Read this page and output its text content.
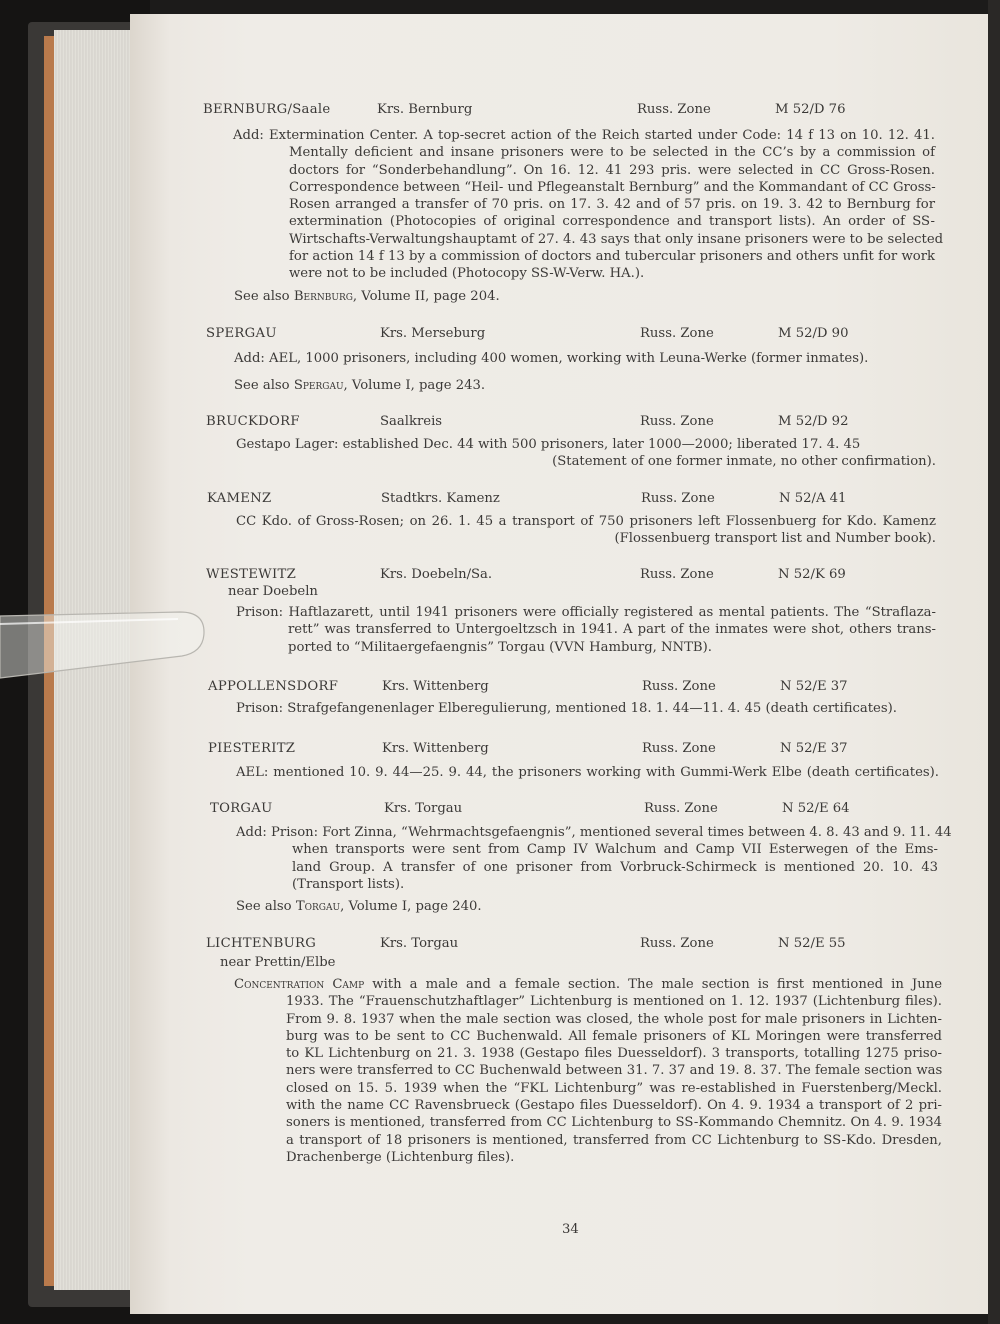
BERNBURG/Saale	Krs. Bernburg	Russ. Zone	M 52/D 76
Add: Extermination Center. A top-secret action of the Reich started under Code: 14 f 13 on 10. 12. 41.
Mentally deficient and insane prisoners were to be selected in the CC’s by a commission of
doctors for “Sonderbehandlung”. On 16. 12. 41 293 pris. were selected in CC Gross-Rosen.
Correspondence between “Heil- und Pflegeanstalt Bernburg” and the Kommandant of CC Gross-
Rosen arranged a transfer of 70 pris. on 17. 3. 42 and of 57 pris. on 19. 3. 42 to Bernburg for
extermination (Photocopies of original correspondence and transport lists). An order of SS-
Wirtschafts-Verwaltungshauptamt of 27. 4. 43 says that only insane prisoners were to be selected
for action 14 f 13 by a commission of doctors and tubercular prisoners and others unfit for work
were not to be included (Photocopy SS-W-Verw. HA.).
See also Bernburg, Volume II, page 204.
SPERGAU	Krs. Merseburg	Russ. Zone	M 52/D 90
Add: AEL, 1000 prisoners, including 400 women, working with Leuna-Werke (former inmates).
See also Spergau, Volume I, page 243.
BRUCKDORF	Saalkreis	Russ. Zone	M 52/D 92
Gestapo Lager: established Dec. 44 with 500 prisoners, later 1000—2000; liberated 17. 4. 45
(Statement of one former inmate, no other confirmation).
KAMENZ	Stadtkrs. Kamenz	Russ. Zone	N 52/A 41
CC Kdo. of Gross-Rosen; on 26. 1. 45 a transport of 750 prisoners left Flossenbuerg for Kdo. Kamenz
(Flossenbuerg transport list and Number book).
WESTEWITZ	Krs. Doebeln/Sa.	Russ. Zone	N 52/K 69
near Doebeln
Prison: Haftlazarett, until 1941 prisoners were officially registered as mental patients. The “Straflaza-
rett” was transferred to Untergoeltzsch in 1941. A part of the inmates were shot, others trans-
ported to “Militaergefaengnis” Torgau (VVN Hamburg, NNTB).
APPOLLENSDORF	Krs. Wittenberg	Russ. Zone	N 52/E 37
Prison: Strafgefangenenlager Elberegulierung, mentioned 18. 1. 44—11. 4. 45 (death certificates).
PIESTERITZ	Krs. Wittenberg	Russ. Zone	N 52/E 37
AEL: mentioned 10. 9. 44—25. 9. 44, the prisoners working with Gummi-Werk Elbe (death certificates).
TORGAU	Krs. Torgau	Russ. Zone	N 52/E 64
Add: Prison: Fort Zinna, “Wehrmachtsgefaengnis”, mentioned several times between 4. 8. 43 and 9. 11. 44
when transports were sent from Camp IV Walchum and Camp VII Esterwegen of the Ems-
land Group. A transfer of one prisoner from Vorbruck-Schirmeck is mentioned 20. 10. 43
(Transport lists).
See also Torgau, Volume I, page 240.
LICHTENBURG	Krs. Torgau	Russ. Zone	N 52/E 55
near Prettin/Elbe
Concentration Camp with a male and a female section. The male section is first mentioned in June
1933. The “Frauenschutzhaftlager” Lichtenburg is mentioned on 1. 12. 1937 (Lichtenburg files).
From 9. 8. 1937 when the male section was closed, the whole post for male prisoners in Lichten-
burg was to be sent to CC Buchenwald. All female prisoners of KL Moringen were transferred
to KL Lichtenburg on 21. 3. 1938 (Gestapo files Duesseldorf). 3 transports, totalling 1275 priso-
ners were transferred to CC Buchenwald between 31. 7. 37 and 19. 8. 37. The female section was
closed on 15. 5. 1939 when the “FKL Lichtenburg” was re-established in Fuerstenberg/Meckl.
with the name CC Ravensbrueck (Gestapo files Duesseldorf). On 4. 9. 1934 a transport of 2 pri-
soners is mentioned, transferred from CC Lichtenburg to SS-Kommando Chemnitz. On 4. 9. 1934
a transport of 18 prisoners is mentioned, transferred from CC Lichtenburg to SS-Kdo. Dresden,
Drachenberge (Lichtenburg files).
34
